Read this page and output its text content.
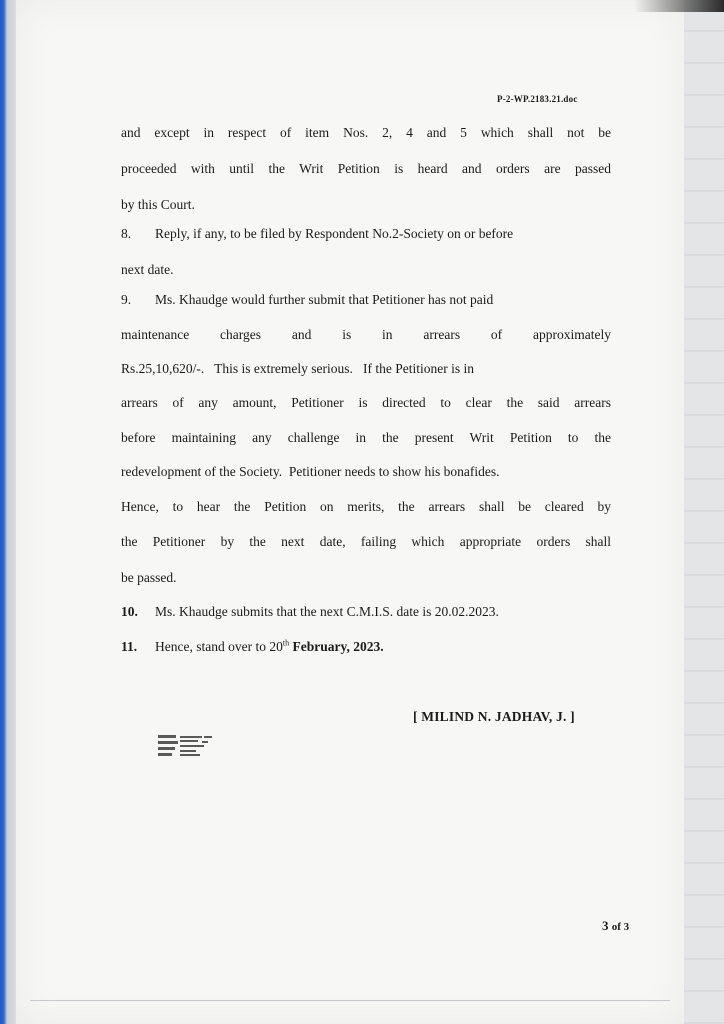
P-2-WP.2183.21.doc
and except in respect of item Nos. 2, 4 and 5 which shall not be
proceeded with until the Writ Petition is heard and orders are passed
by this Court.
8. Reply, if any, to be filed by Respondent No.2-Society on or before
next date.
9. Ms. Khaudge would further submit that Petitioner has not paid
maintenance charges and is in arrears of approximately
Rs.25,10,620/-.   This is extremely serious.   If the Petitioner is in
arrears of any amount, Petitioner is directed to clear the said arrears
before maintaining any challenge in the present Writ Petition to the
redevelopment of the Society.  Petitioner needs to show his bonafides.
Hence, to hear the Petition on merits, the arrears shall be cleared by
the Petitioner by the next date, failing which appropriate orders shall
be passed.
10. Ms. Khaudge submits that the next C.M.I.S. date is 20.02.2023.
11. Hence, stand over to 20th February, 2023.
[ MILIND N. JADHAV, J. ]
3 of 3
